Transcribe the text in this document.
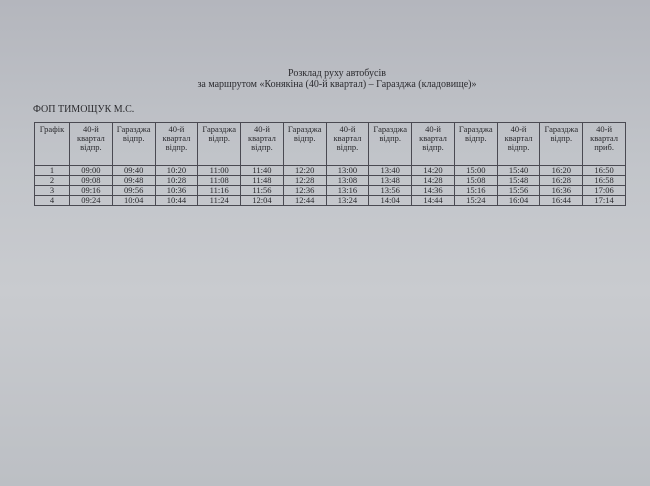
Розклад руху автобусів
за маршрутом «Конякіна (40-й квартал) – Гаразджа (кладовище)»
ФОП ТИМОЩУК М.С.
Графік	40-й квартал відпр.	Гаразджа відпр.	40-й квартал відпр.	Гаразджа відпр.	40-й квартал відпр.	Гаразджа відпр.	40-й квартал відпр.	Гаразджа відпр.	40-й квартал відпр.	Гаразджа відпр.	40-й квартал відпр.	Гаразджа відпр.	40-й квартал приб.
1	09:00	09:40	10:20	11:00	11:40	12:20	13:00	13:40	14:20	15:00	15:40	16:20	16:50
2	09:08	09:48	10:28	11:08	11:48	12:28	13:08	13:48	14:28	15:08	15:48	16:28	16:58
3	09:16	09:56	10:36	11:16	11:56	12:36	13:16	13:56	14:36	15:16	15:56	16:36	17:06
4	09:24	10:04	10:44	11:24	12:04	12:44	13:24	14:04	14:44	15:24	16:04	16:44	17:14
